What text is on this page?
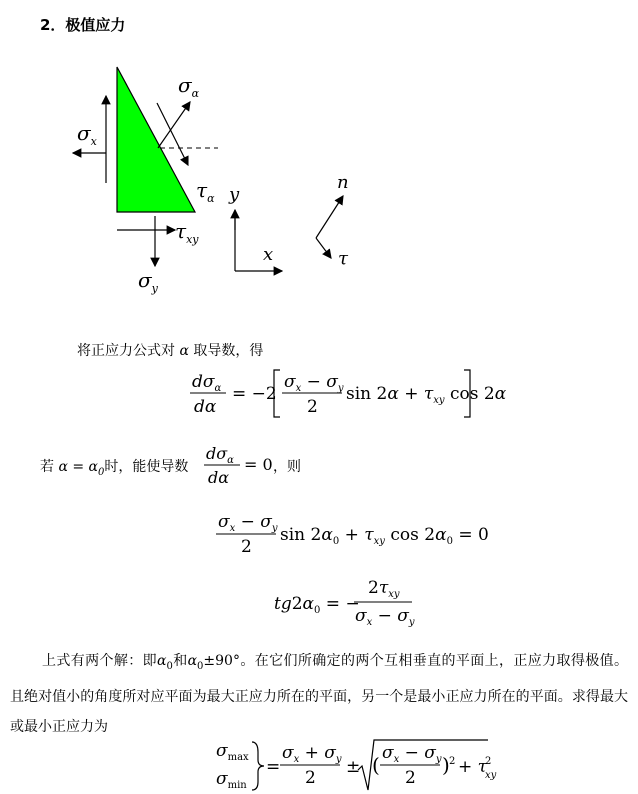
2．极值应力
$\sigma_\alpha$
$\sigma_x$
$\tau_\alpha$
$\tau_{xy}$
$\sigma_y$
y
x
n
τ
将正应力公式对 α 取导数，得
$d\sigma_\alpha$
dα
= −2
$\sigma_x - \sigma_y$
2
$\sin 2\alpha + \tau_{xy}$ cos 2α
若 $\alpha = \alpha_0$时，能使导数
$d\sigma_\alpha$
dα
= 0 ，则
$\sigma_x - \sigma_y$
2
$\sin 2\alpha_0 + \tau_{xy}$ $\cos 2\alpha_0 = 0$
$tg2\alpha_0$ = −
$2\tau_{xy}$
$\sigma_x - \sigma_y$
上式有两个解：即$\alpha_0$和$\alpha_0\pm 90^\circ$。在它们所确定的两个互相垂直的平面上，正应力取得极值。且绝对值小的角度所对应平面为最大正应力所在的平面，另一个是最小正应力所在的平面。求得最大或最小正应力为
$\sigma_{max}$
$\sigma_{min}$
=
$\sigma_x + \sigma_y$
2
± ( $\sigma_x - \sigma_y$
2
) 2 + τ
2
xy
